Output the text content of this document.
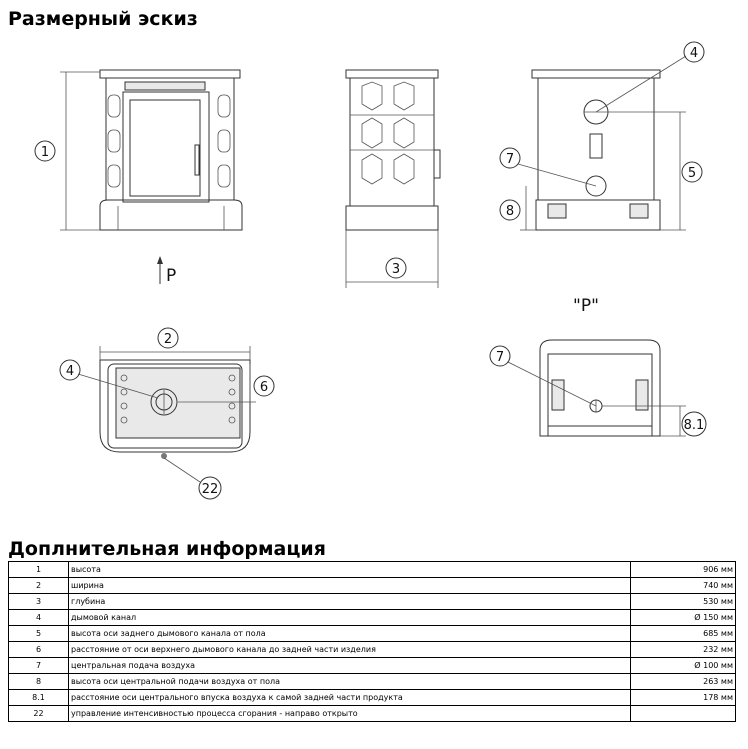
Размерный эскиз
1
P	3
5
8
4
7
2
6
4
22
"P"
7
8.1
Доплнительная информация
1	высота	906 мм
2	ширина	740 мм
3	глубина	530 мм
4	дымовой канал	Ø 150 мм
5	высота оси заднего дымового канала от пола	685 мм
6	расстояние от оси верхнего дымового канала до задней части изделия	232 мм
7	центральная подача воздуха	Ø 100 мм
8	высота оси центральной подачи воздуха от пола	263 мм
8.1	расстояние оси центрального впуска воздуха к самой задней части продукта	178 мм
22	управление интенсивностью процесса сгорания - направо открыто	
